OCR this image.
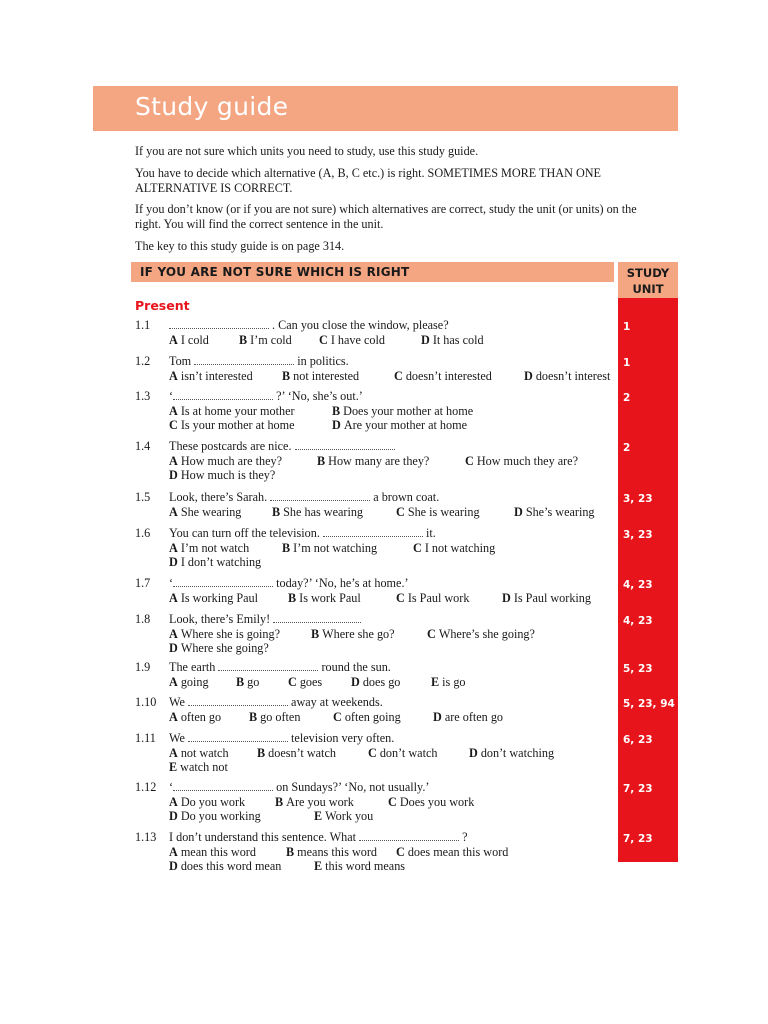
Study guide

If you are not sure which units you need to study, use this study guide.

You have to decide which alternative (A, B, C etc.) is right. SOMETIMES MORE THAN ONE ALTERNATIVE IS CORRECT.

If you don’t know (or if you are not sure) which alternatives are correct, study the unit (or units) on the right. You will find the correct sentence in the unit.

The key to this study guide is on page 314.

IF YOU ARE NOT SURE WHICH IS RIGHT	STUDY
UNIT
Present
1.1	. Can you close the window, please?
A I cold B I’m cold C I have cold	D It has cold
1
1.2 Tom	in politics.
A isn’t interested B not interested	C doesn’t interested	D doesn’t interest
1
1.3 ‘	?’ ‘No, she’s out.’
A Is at home your mother	B Does your mother at home
C Is your mother at home	D Are your mother at home
2
1.4 These postcards are nice.
A How much are they?	B How many are they?	C How much they are?
D How much is they?
2
1.5 Look, there’s Sarah.	a brown coat.
A She wearing	B She has wearing	C She is wearing	D She’s wearing
3, 23
1.6 You can turn off the television.	it.
A I’m not watch	B I’m not watching	C I not watching
D I don’t watching
3, 23
1.7 ‘	today?’ ‘No, he’s at home.’
A Is working Paul B Is work Paul	C Is Paul work	D Is Paul working
4, 23
1.8 Look, there’s Emily!
A Where she is going?	B Where she go?	C Where’s she going?
D Where she going?
4, 23
1.9 The earth	round the sun.
A going B go C goes D does go	E is go
5, 23
1.10 We	away at weekends.
A often go B go often	C often going	D are often go
5, 23, 94
1.11 We	television very often.
A not watch B doesn’t watch	C don’t watch	D don’t watching
E watch not
6, 23
1.12 ‘	on Sundays?’ ‘No, not usually.’
A Do you work B Are you work	C Does you work
D Do you working	E Work you
7, 23
1.13 I don’t understand this sentence. What	?
A mean this word B means this word C does mean this word
D does this word mean	E this word means
7, 23
